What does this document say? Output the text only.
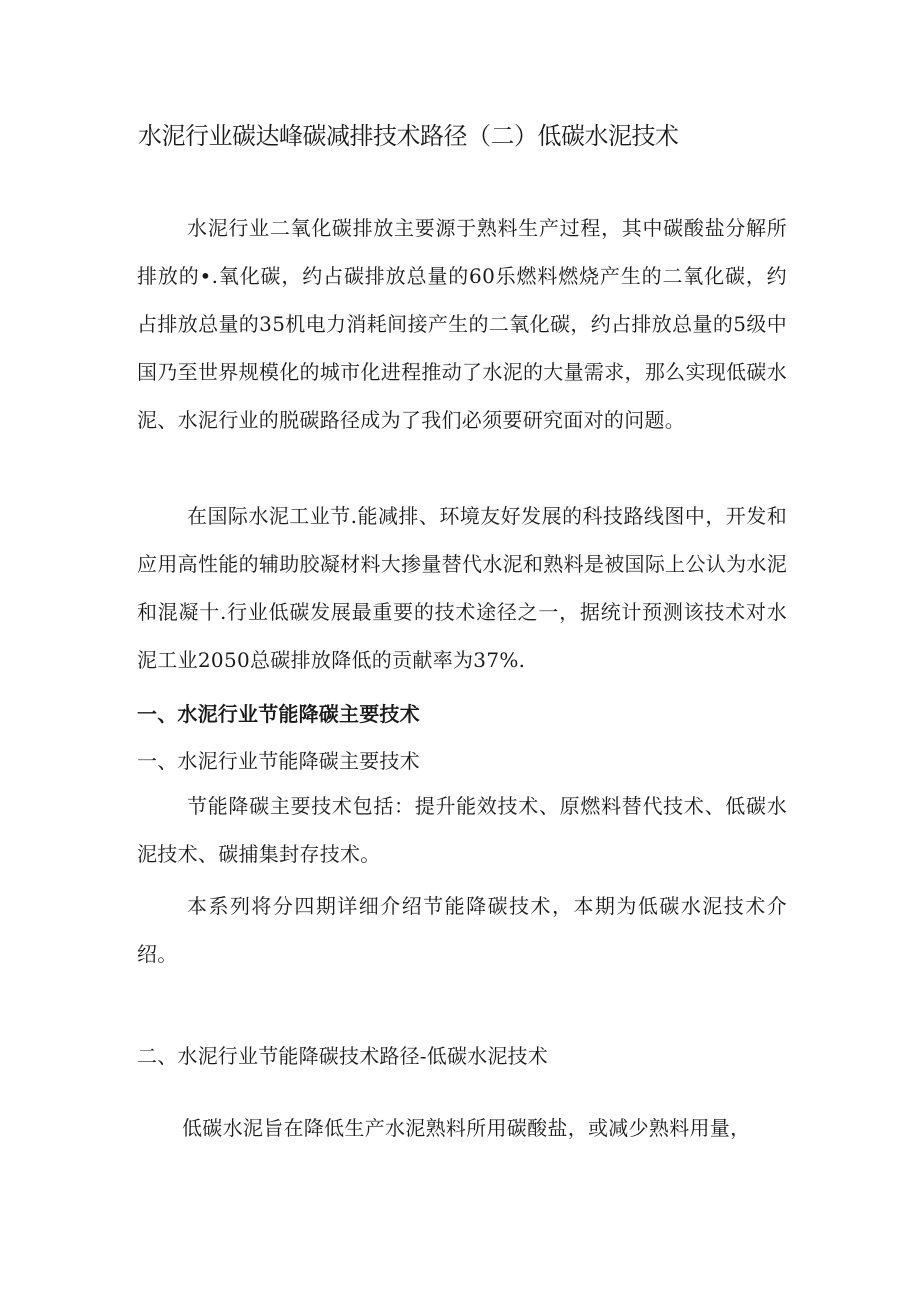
水泥行业碳达峰碳减排技术路径（二）低碳水泥技术

水泥行业二氧化碳排放主要源于熟料生产过程，其中碳酸盐分解所排放的•.氧化碳，约占碳排放总量的60乐燃料燃烧产生的二氧化碳，约占排放总量的35机电力消耗间接产生的二氧化碳，约占排放总量的5级中国乃至世界规模化的城市化进程推动了水泥的大量需求，那么实现低碳水泥、水泥行业的脱碳路径成为了我们必须要研究面对的问题。

在国际水泥工业节.能减排、环境友好发展的科技路线图中，开发和应用高性能的辅助胶凝材料大掺量替代水泥和熟料是被国际上公认为水泥和混凝十.行业低碳发展最重要的技术途径之一，据统计预测该技术对水泥工业2050总碳排放降低的贡献率为37%.

一、水泥行业节能降碳主要技术
一、水泥行业节能降碳主要技术

节能降碳主要技术包括：提升能效技术、原燃料替代技术、低碳水泥技术、碳捕集封存技术。

本系列将分四期详细介绍节能降碳技术，本期为低碳水泥技术介绍。

二、水泥行业节能降碳技术路径-低碳水泥技术

低碳水泥旨在降低生产水泥熟料所用碳酸盐，或减少熟料用量，
